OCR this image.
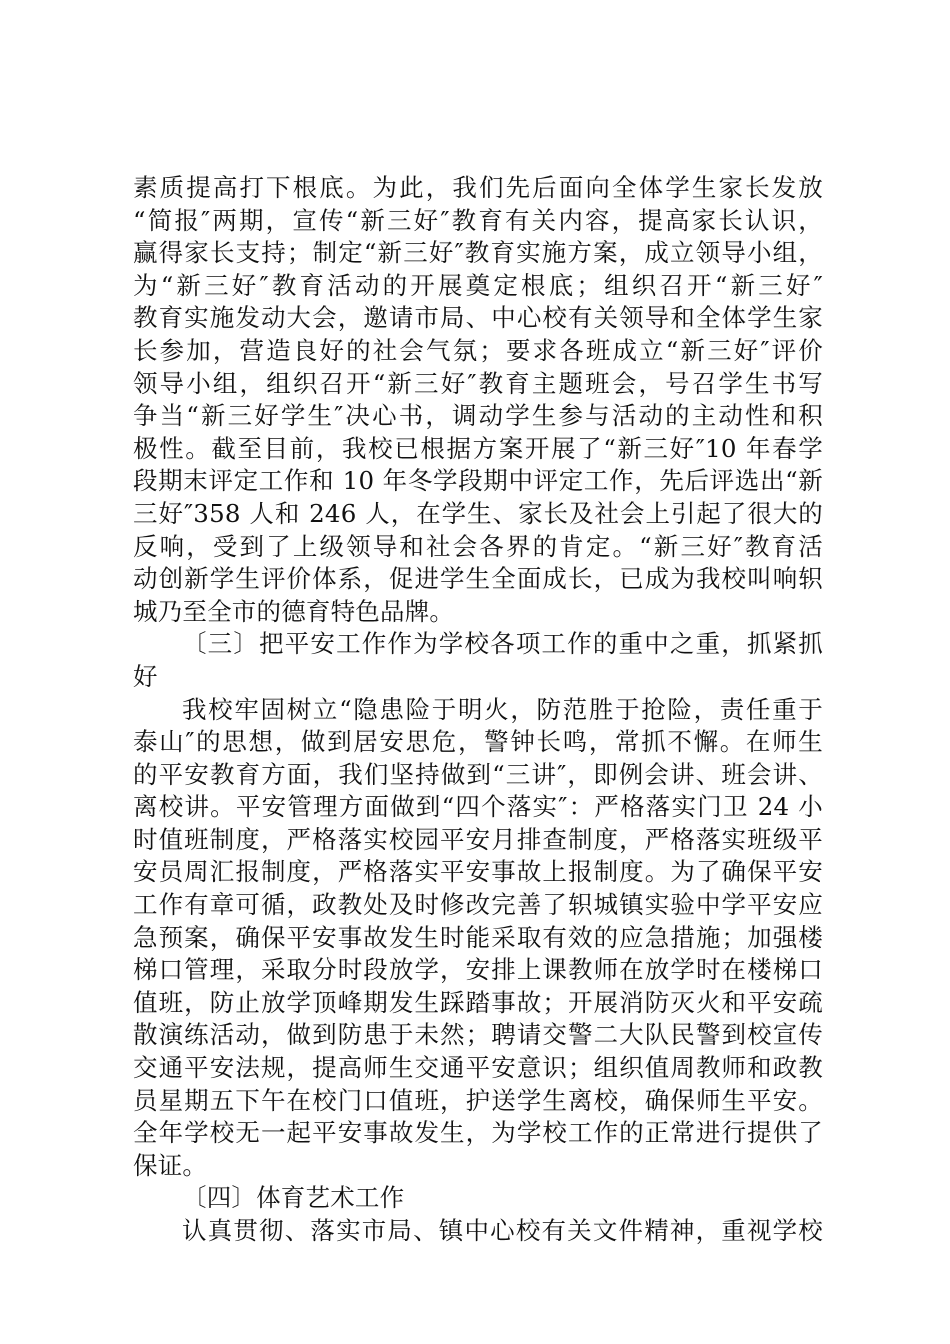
素质提高打下根底。为此，我们先后面向全体学生家长发放
“简报″两期，宣传“新三好″教育有关内容，提高家长认识，
赢得家长支持；制定“新三好″教育实施方案，成立领导小组，
为“新三好″教育活动的开展奠定根底；组织召开“新三好″
教育实施发动大会，邀请市局、中心校有关领导和全体学生家
长参加，营造良好的社会气氛；要求各班成立“新三好″评价
领导小组，组织召开“新三好″教育主题班会，号召学生书写
争当“新三好学生″决心书，调动学生参与活动的主动性和积
极性。截至目前，我校已根据方案开展了“新三好″10 年春学
段期末评定工作和 10 年冬学段期中评定工作，先后评选出“新
三好″358 人和 246 人，在学生、家长及社会上引起了很大的
反响，受到了上级领导和社会各界的肯定。“新三好″教育活
动创新学生评价体系，促进学生全面成长，已成为我校叫响轵
城乃至全市的德育特色品牌。
〔三〕把平安工作作为学校各项工作的重中之重，抓紧抓
好
我校牢固树立“隐患险于明火，防范胜于抢险，责任重于
泰山″的思想，做到居安思危，警钟长鸣，常抓不懈。在师生
的平安教育方面，我们坚持做到“三讲″，即例会讲、班会讲、
离校讲。平安管理方面做到“四个落实″：严格落实门卫 24 小
时值班制度，严格落实校园平安月排查制度，严格落实班级平
安员周汇报制度，严格落实平安事故上报制度。为了确保平安
工作有章可循，政教处及时修改完善了轵城镇实验中学平安应
急预案，确保平安事故发生时能采取有效的应急措施；加强楼
梯口管理，采取分时段放学，安排上课教师在放学时在楼梯口
值班，防止放学顶峰期发生踩踏事故；开展消防灭火和平安疏
散演练活动，做到防患于未然；聘请交警二大队民警到校宣传
交通平安法规，提高师生交通平安意识；组织值周教师和政教
员星期五下午在校门口值班，护送学生离校，确保师生平安。
全年学校无一起平安事故发生，为学校工作的正常进行提供了
保证。
〔四〕体育艺术工作
认真贯彻、落实市局、镇中心校有关文件精神，重视学校
